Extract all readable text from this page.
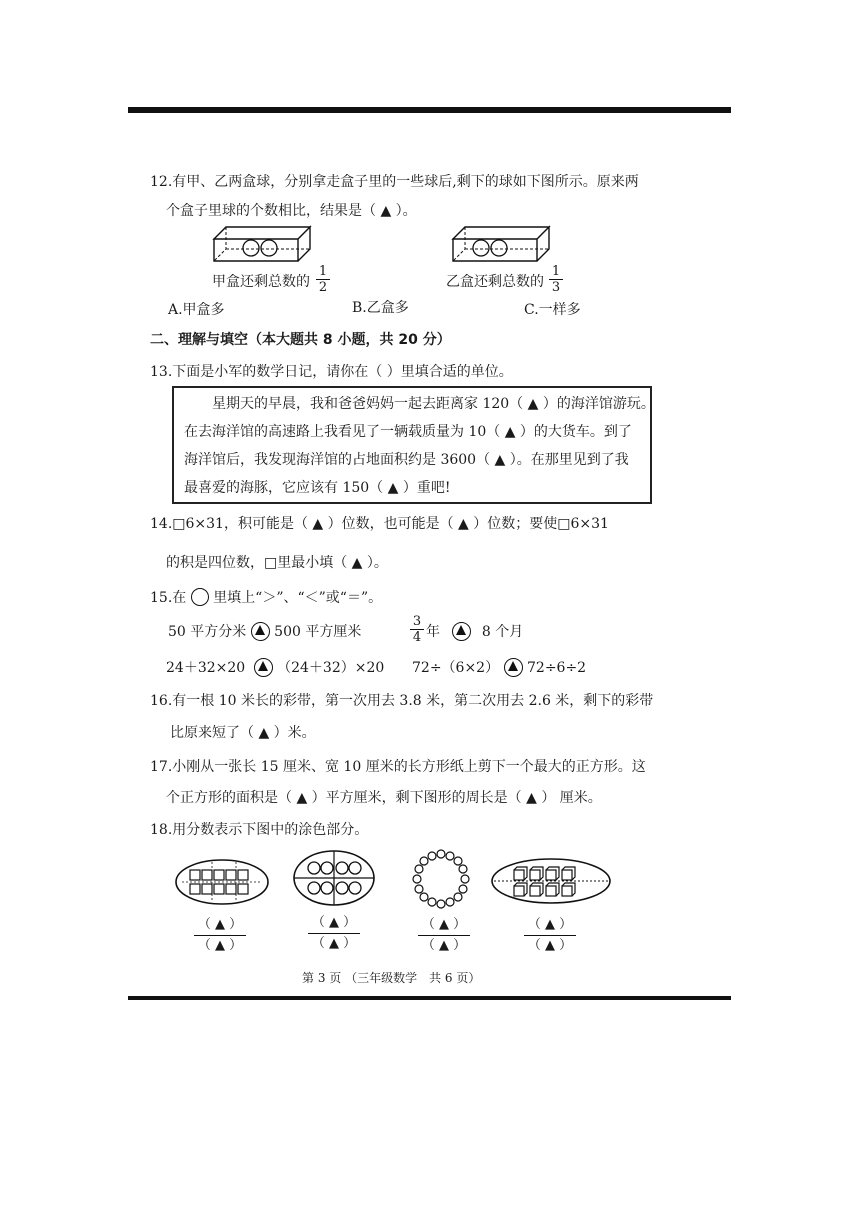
12.有甲、乙两盒球，分别拿走盒子里的一些球后,剩下的球如下图所示。原来两
个盒子里球的个数相比，结果是（ ▲ ）。
甲盒还剩总数的
1
2	乙盒还剩总数的
1
3
A.甲盒多	B.乙盒多	C.一样多
二、理解与填空（本大题共 8 小题，共 20 分）
13.下面是小军的数学日记，请你在（ ）里填合适的单位。
星期天的早晨，我和爸爸妈妈一起去距离家 120（ ▲ ）的海洋馆游玩。
在去海洋馆的高速路上我看见了一辆载质量为 10（ ▲ ）的大货车。到了
海洋馆后，我发现海洋馆的占地面积约是 3600（ ▲ ）。在那里见到了我
最喜爱的海豚，它应该有 150（ ▲ ）重吧!
14.□6×31，积可能是（ ▲ ）位数，也可能是（ ▲ ）位数；要使□6×31
的积是四位数，□里最小填（ ▲ ）。
15.在 里填上“＞”、“＜”或“＝”。
50 平方分米 500 平方厘米
3
4 年	8 个月
24＋32×20 （24＋32）×20 72÷（6×2） 72÷6÷2
16.有一根 10 米长的彩带，第一次用去 3.8 米，第二次用去 2.6 米，剩下的彩带
比原来短了（ ▲ ）米。
17.小刚从一张长 15 厘米、宽 10 厘米的长方形纸上剪下一个最大的正方形。这
个正方形的面积是（ ▲ ）平方厘米，剩下图形的周长是（ ▲ ） 厘米。
18.用分数表示下图中的涂色部分。
（ ▲ ）
（ ▲ ）
（ ▲ ）
（ ▲ ）
（ ▲ ）
（ ▲ ）
（ ▲ ）
（ ▲ ）
第 3 页 （三年级数学　共 6 页）
